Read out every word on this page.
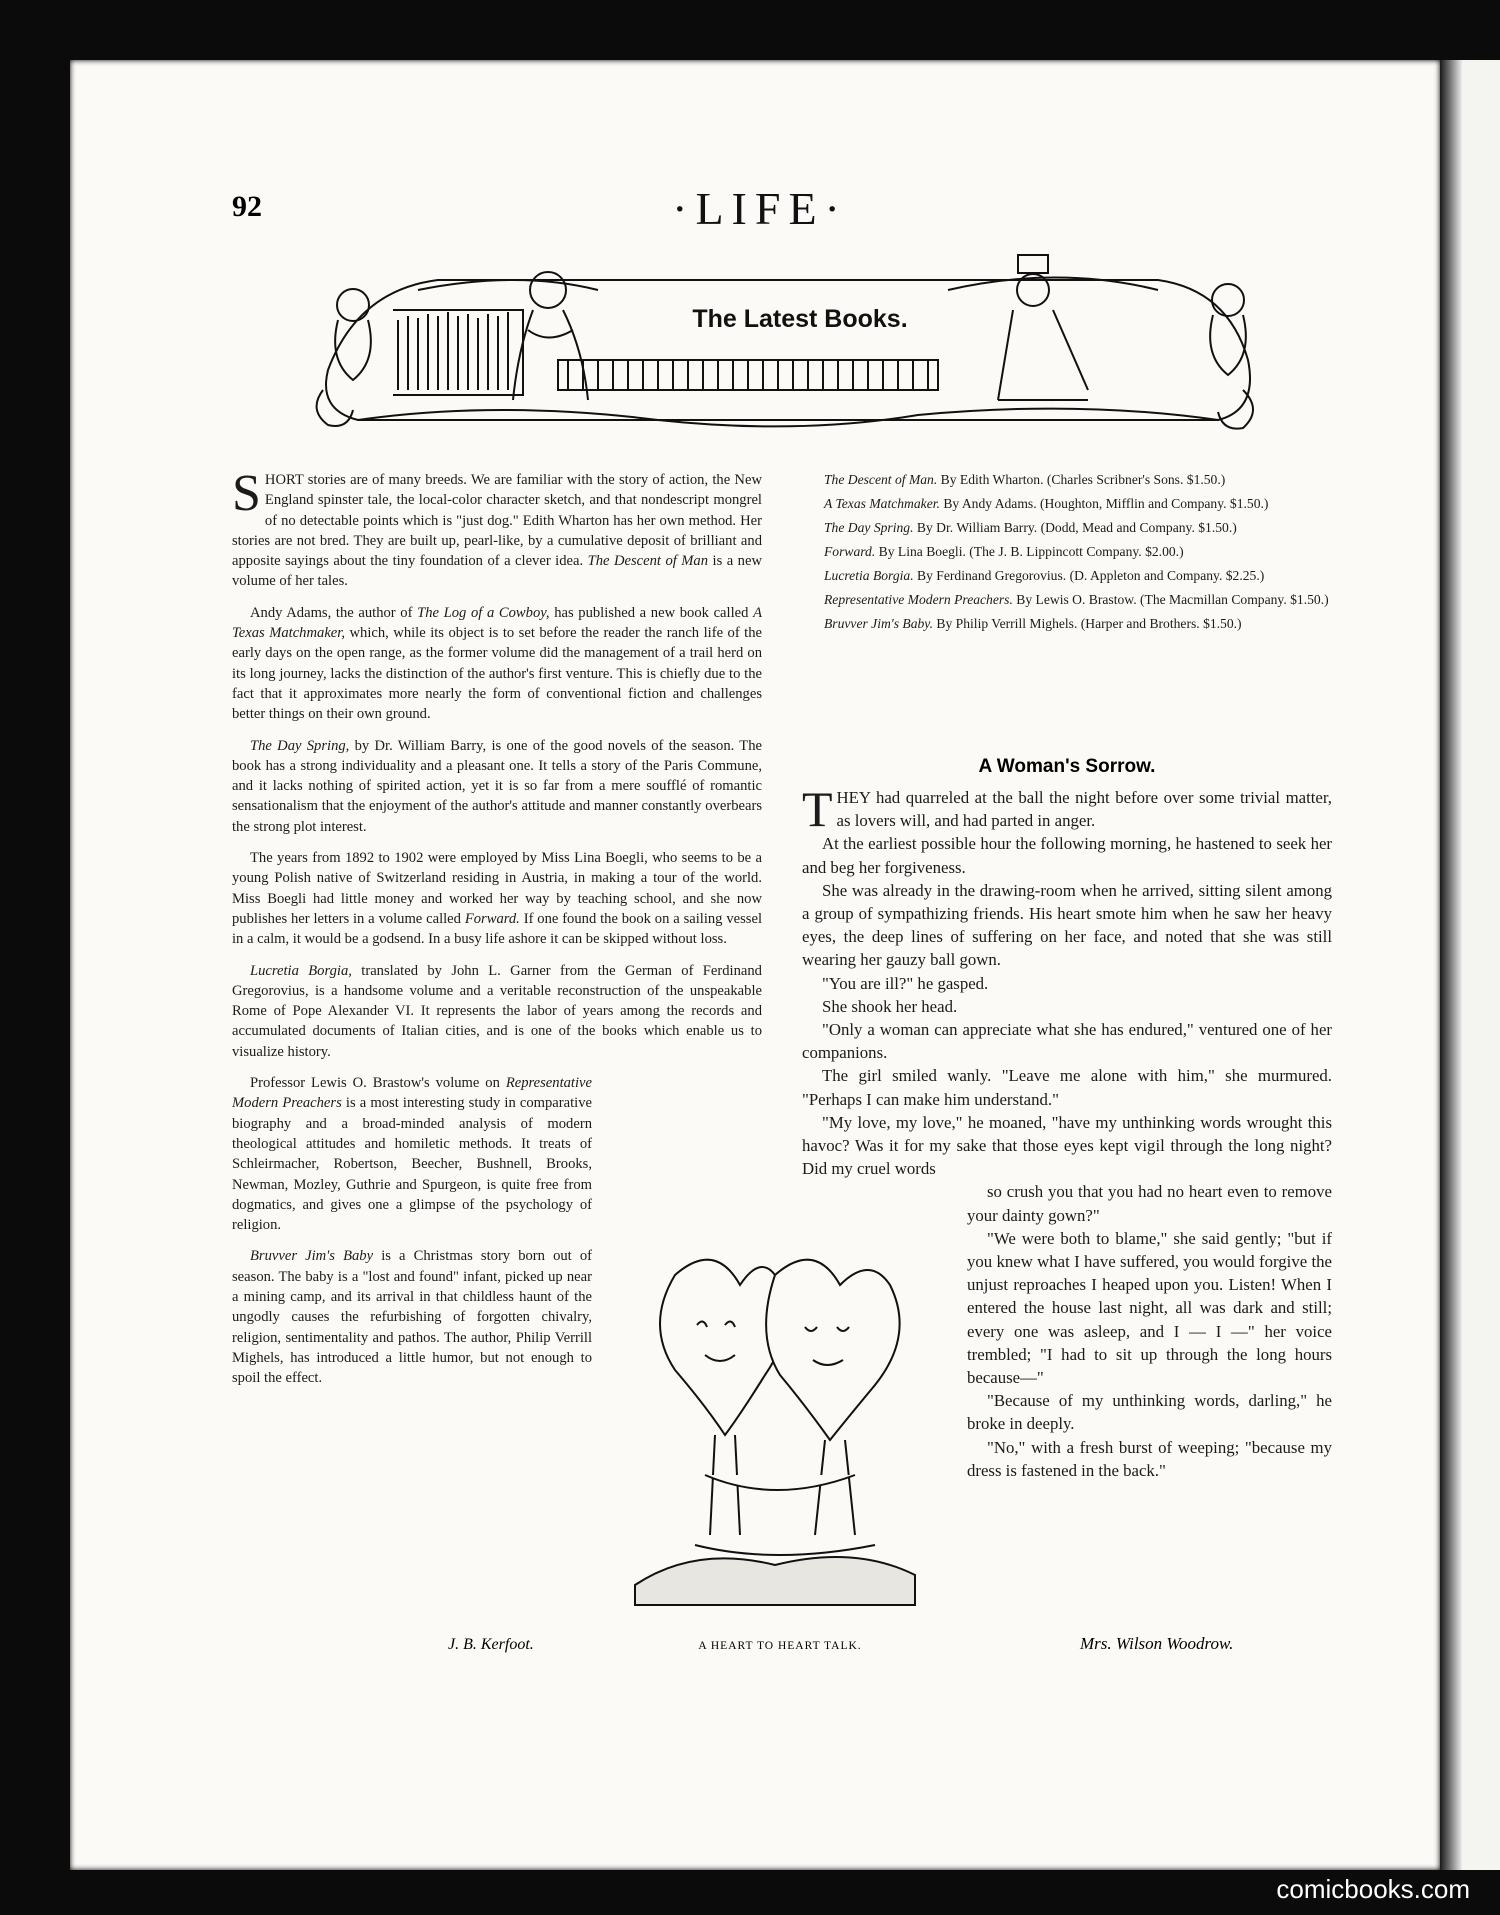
92	·LIFE·
The Latest Books.

SHORT stories are of many breeds. We are familiar with the story of action, the New England spinster tale, the local-color character sketch, and that nondescript mongrel of no detectable points which is "just dog." Edith Wharton has her own method. Her stories are not bred. They are built up, pearl-like, by a cumulative deposit of brilliant and apposite sayings about the tiny foundation of a clever idea. The Descent of Man is a new volume of her tales.

Andy Adams, the author of The Log of a Cowboy, has published a new book called A Texas Matchmaker, which, while its object is to set before the reader the ranch life of the early days on the open range, as the former volume did the management of a trail herd on its long journey, lacks the distinction of the author's first venture. This is chiefly due to the fact that it approximates more nearly the form of conventional fiction and challenges better things on their own ground.

The Day Spring, by Dr. William Barry, is one of the good novels of the season. The book has a strong individuality and a pleasant one. It tells a story of the Paris Commune, and it lacks nothing of spirited action, yet it is so far from a mere soufflé of romantic sensationalism that the enjoyment of the author's attitude and manner constantly overbears the strong plot interest.

The years from 1892 to 1902 were employed by Miss Lina Boegli, who seems to be a young Polish native of Switzerland residing in Austria, in making a tour of the world. Miss Boegli had little money and worked her way by teaching school, and she now publishes her letters in a volume called Forward. If one found the book on a sailing vessel in a calm, it would be a godsend. In a busy life ashore it can be skipped without loss.

Lucretia Borgia, translated by John L. Garner from the German of Ferdinand Gregorovius, is a handsome volume and a veritable reconstruction of the unspeakable Rome of Pope Alexander VI. It represents the labor of years among the records and accumulated documents of Italian cities, and is one of the books which enable us to visualize history.

Professor Lewis O. Brastow's volume on Representative Modern Preachers is a most interesting study in comparative biography and a broad-minded analysis of modern theological attitudes and homiletic methods. It treats of Schleirmacher, Robertson, Beecher, Bushnell, Brooks, Newman, Mozley, Guthrie and Spurgeon, is quite free from dogmatics, and gives one a glimpse of the psychology of religion.

Bruvver Jim's Baby is a Christmas story born out of season. The baby is a "lost and found" infant, picked up near a mining camp, and its arrival in that childless haunt of the ungodly causes the refurbishing of forgotten chivalry, religion, sentimentality and pathos. The author, Philip Verrill Mighels, has introduced a little humor, but not enough to spoil the effect.

J. B. Kerfoot.

The Descent of Man. By Edith Wharton. (Charles Scribner's Sons. $1.50.)

A Texas Matchmaker. By Andy Adams. (Houghton, Mifflin and Company. $1.50.)

The Day Spring. By Dr. William Barry. (Dodd, Mead and Company. $1.50.)

Forward. By Lina Boegli. (The J. B. Lippincott Company. $2.00.)

Lucretia Borgia. By Ferdinand Gregorovius. (D. Appleton and Company. $2.25.)

Representative Modern Preachers. By Lewis O. Brastow. (The Macmillan Company. $1.50.)

Bruvver Jim's Baby. By Philip Verrill Mighels. (Harper and Brothers. $1.50.)

A Woman's Sorrow.

THEY had quarreled at the ball the night before over some trivial matter, as lovers will, and had parted in anger.

At the earliest possible hour the following morning, he hastened to seek her and beg her forgiveness.

She was already in the drawing-room when he arrived, sitting silent among a group of sympathizing friends. His heart smote him when he saw her heavy eyes, the deep lines of suffering on her face, and noted that she was still wearing her gauzy ball gown.

"You are ill?" he gasped.

She shook her head.

"Only a woman can appreciate what she has endured," ventured one of her companions.

The girl smiled wanly. "Leave me alone with him," she murmured. "Perhaps I can make him understand."

"My love, my love," he moaned, "have my unthinking words wrought this havoc? Was it for my sake that those eyes kept vigil through the long night? Did my cruel words

so crush you that you had no heart even to remove your dainty gown?"

"We were both to blame," she said gently; "but if you knew what I have suffered, you would forgive the unjust reproaches I heaped upon you. Listen! When I entered the house last night, all was dark and still; every one was asleep, and I — I —" her voice trembled; "I had to sit up through the long hours because—"

"Because of my unthinking words, darling," he broke in deeply.

"No," with a fresh burst of weeping; "because my dress is fastened in the back."

Mrs. Wilson Woodrow.
A HEART TO HEART TALK.
comicbooks.com
